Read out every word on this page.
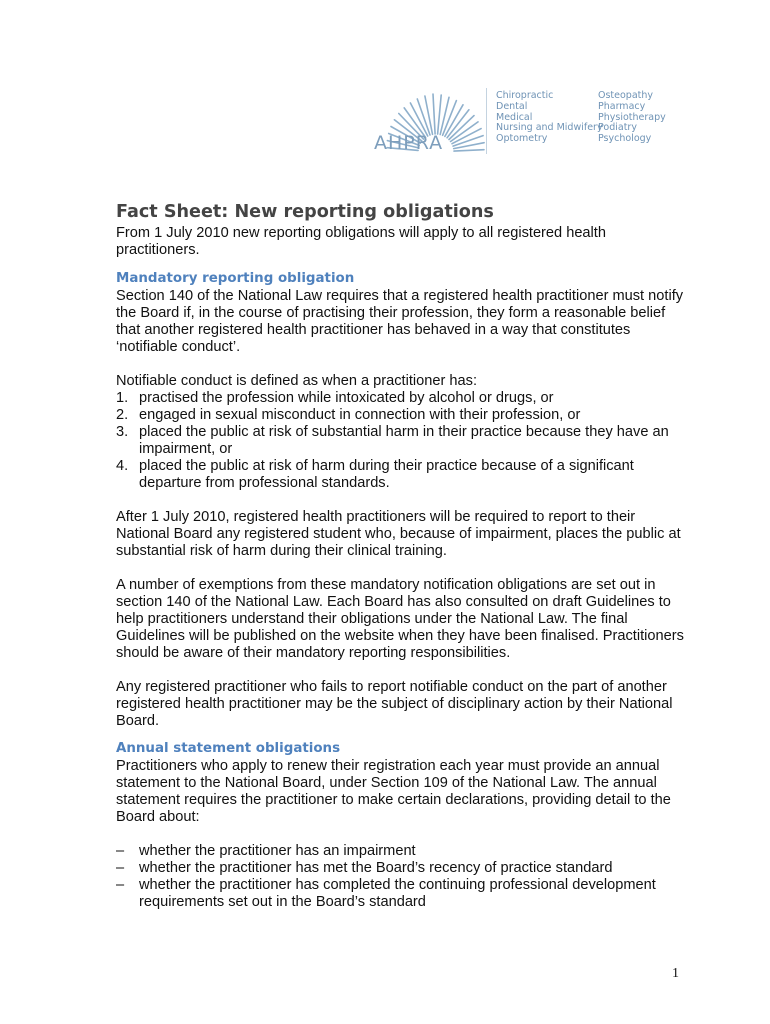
AHPRA
Chiropractic
Dental
Medical
Nursing and Midwifery
Optometry
Osteopathy
Pharmacy
Physiotherapy
Podiatry
Psychology
Fact Sheet: New reporting obligations

From 1 July 2010 new reporting obligations will apply to all registered health practitioners.

Mandatory reporting obligation

Section 140 of the National Law requires that a registered health practitioner must notify the Board if, in the course of practising their profession, they form a reasonable belief that another registered health practitioner has behaved in a way that constitutes ‘notifiable conduct’.

Notifiable conduct is defined as when a practitioner has:

1. practised the profession while intoxicated by alcohol or drugs, or
2. engaged in sexual misconduct in connection with their profession, or
3. placed the public at risk of substantial harm in their practice because they have an impairment, or
4. placed the public at risk of harm during their practice because of a significant departure from professional standards.

After 1 July 2010, registered health practitioners will be required to report to their National Board any registered student who, because of impairment, places the public at substantial risk of harm during their clinical training.

A number of exemptions from these mandatory notification obligations are set out in section 140 of the National Law. Each Board has also consulted on draft Guidelines to help practitioners understand their obligations under the National Law. The final Guidelines will be published on the website when they have been finalised. Practitioners should be aware of their mandatory reporting responsibilities.

Any registered practitioner who fails to report notifiable conduct on the part of another registered health practitioner may be the subject of disciplinary action by their National Board.

Annual statement obligations

Practitioners who apply to renew their registration each year must provide an annual statement to the National Board, under Section 109 of the National Law. The annual statement requires the practitioner to make certain declarations, providing detail to the Board about:

– whether the practitioner has an impairment
– whether the practitioner has met the Board’s recency of practice standard
– whether the practitioner has completed the continuing professional development requirements set out in the Board’s standard
1
